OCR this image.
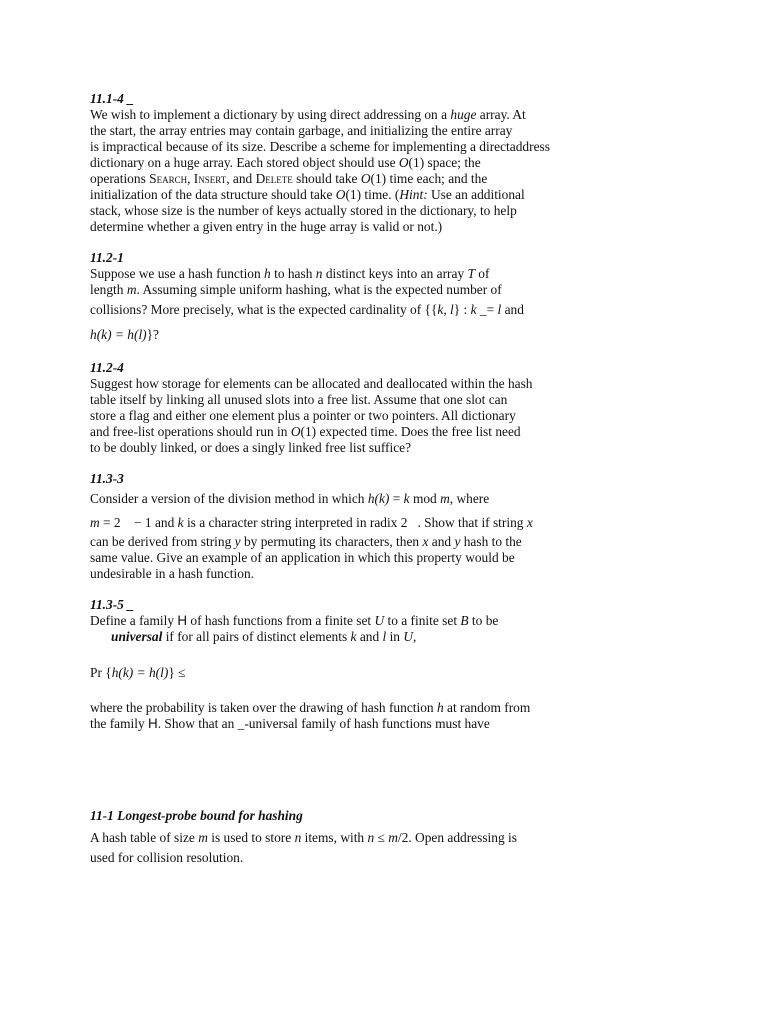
11.1-4 _
We wish to implement a dictionary by using direct addressing on a huge array. At
the start, the array entries may contain garbage, and initializing the entire array
is impractical because of its size. Describe a scheme for implementing a directaddress
dictionary on a huge array. Each stored object should use O(1) space; the
operations Search, Insert, and Delete should take O(1) time each; and the
initialization of the data structure should take O(1) time. (Hint: Use an additional
stack, whose size is the number of keys actually stored in the dictionary, to help
determine whether a given entry in the huge array is valid or not.)
11.2-1
Suppose we use a hash function h to hash n distinct keys into an array T of
length m. Assuming simple uniform hashing, what is the expected number of
collisions? More precisely, what is the expected cardinality of {{k, l} : k _= l and
h(k) = h(l)}?
11.2-4
Suggest how storage for elements can be allocated and deallocated within the hash
table itself by linking all unused slots into a free list. Assume that one slot can
store a flag and either one element plus a pointer or two pointers. All dictionary
and free-list operations should run in O(1) expected time. Does the free list need
to be doubly linked, or does a singly linked free list suffice?
11.3-3
Consider a version of the division method in which h(k) = k mod m, where
m = 2    − 1 and k is a character string interpreted in radix 2   . Show that if string x
can be derived from string y by permuting its characters, then x and y hash to the
same value. Give an example of an application in which this property would be
undesirable in a hash function.
11.3-5 _
Define a family H of hash functions from a finite set U to a finite set B to be
universal if for all pairs of distinct elements k and l in U,
Pr {h(k) = h(l)} ≤
where the probability is taken over the drawing of hash function h at random from
the family H. Show that an _-universal family of hash functions must have
11-1 Longest-probe bound for hashing
A hash table of size m is used to store n items, with n ≤ m/2. Open addressing is
used for collision resolution.
